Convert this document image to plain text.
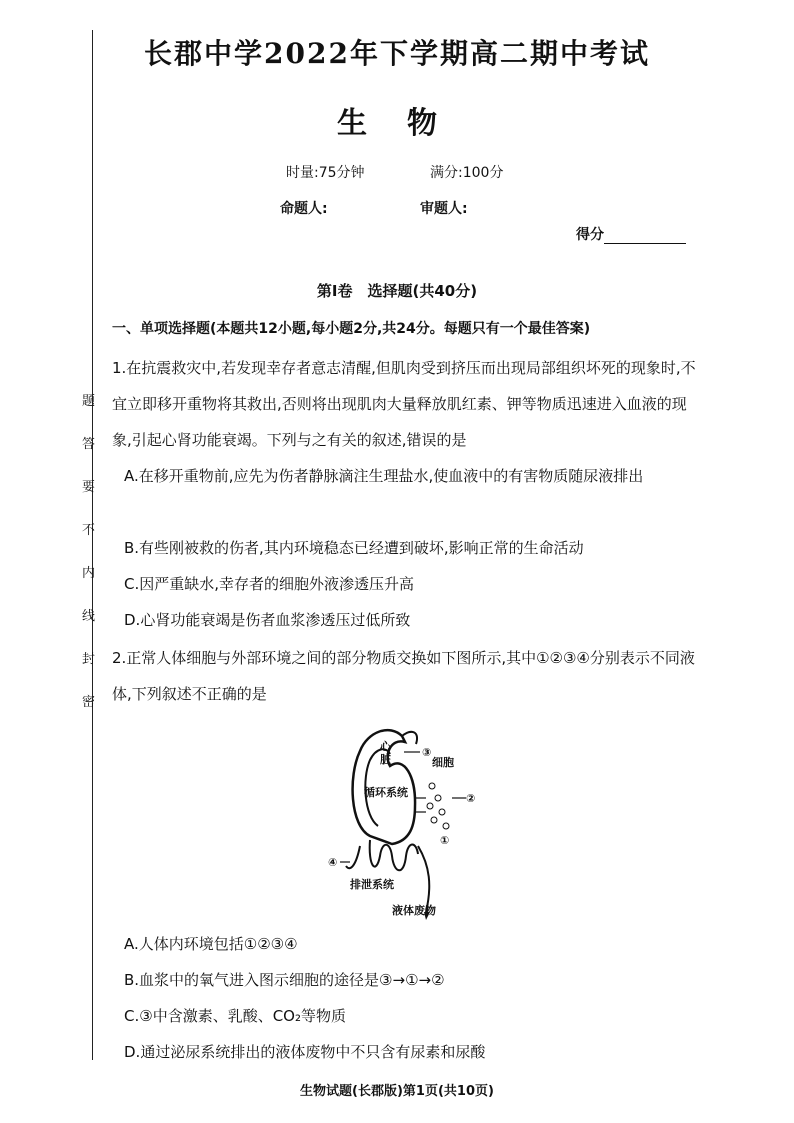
题
答
要
不
内
线
封
密
长郡中学2022年下学期高二期中考试
生物
时量:75分钟	满分:100分
命题人:	审题人:
得分
第Ⅰ卷　选择题(共40分)
一、单项选择题(本题共12小题,每小题2分,共24分。每题只有一个最佳答案)
1.在抗震救灾中,若发现幸存者意志清醒,但肌肉受到挤压而出现局部组织坏死的现象时,不宜立即移开重物将其救出,否则将出现肌肉大量释放肌红素、钾等物质迅速进入血液的现象,引起心肾功能衰竭。下列与之有关的叙述,错误的是
A.在移开重物前,应先为伤者静脉滴注生理盐水,使血液中的有害物质随尿液排出
B.有些刚被救的伤者,其内环境稳态已经遭到破坏,影响正常的生命活动
C.因严重缺水,幸存者的细胞外液渗透压升高
D.心肾功能衰竭是伤者血浆渗透压过低所致
2.正常人体细胞与外部环境之间的部分物质交换如下图所示,其中①②③④分别表示不同液体,下列叙述不正确的是
心
脏
循环系统
细胞
排泄系统
液体废物
③
②
①
④
A.人体内环境包括①②③④
B.血浆中的氧气进入图示细胞的途径是③→①→②
C.③中含激素、乳酸、CO₂等物质
D.通过泌尿系统排出的液体废物中不只含有尿素和尿酸
生物试题(长郡版)第1页(共10页)
